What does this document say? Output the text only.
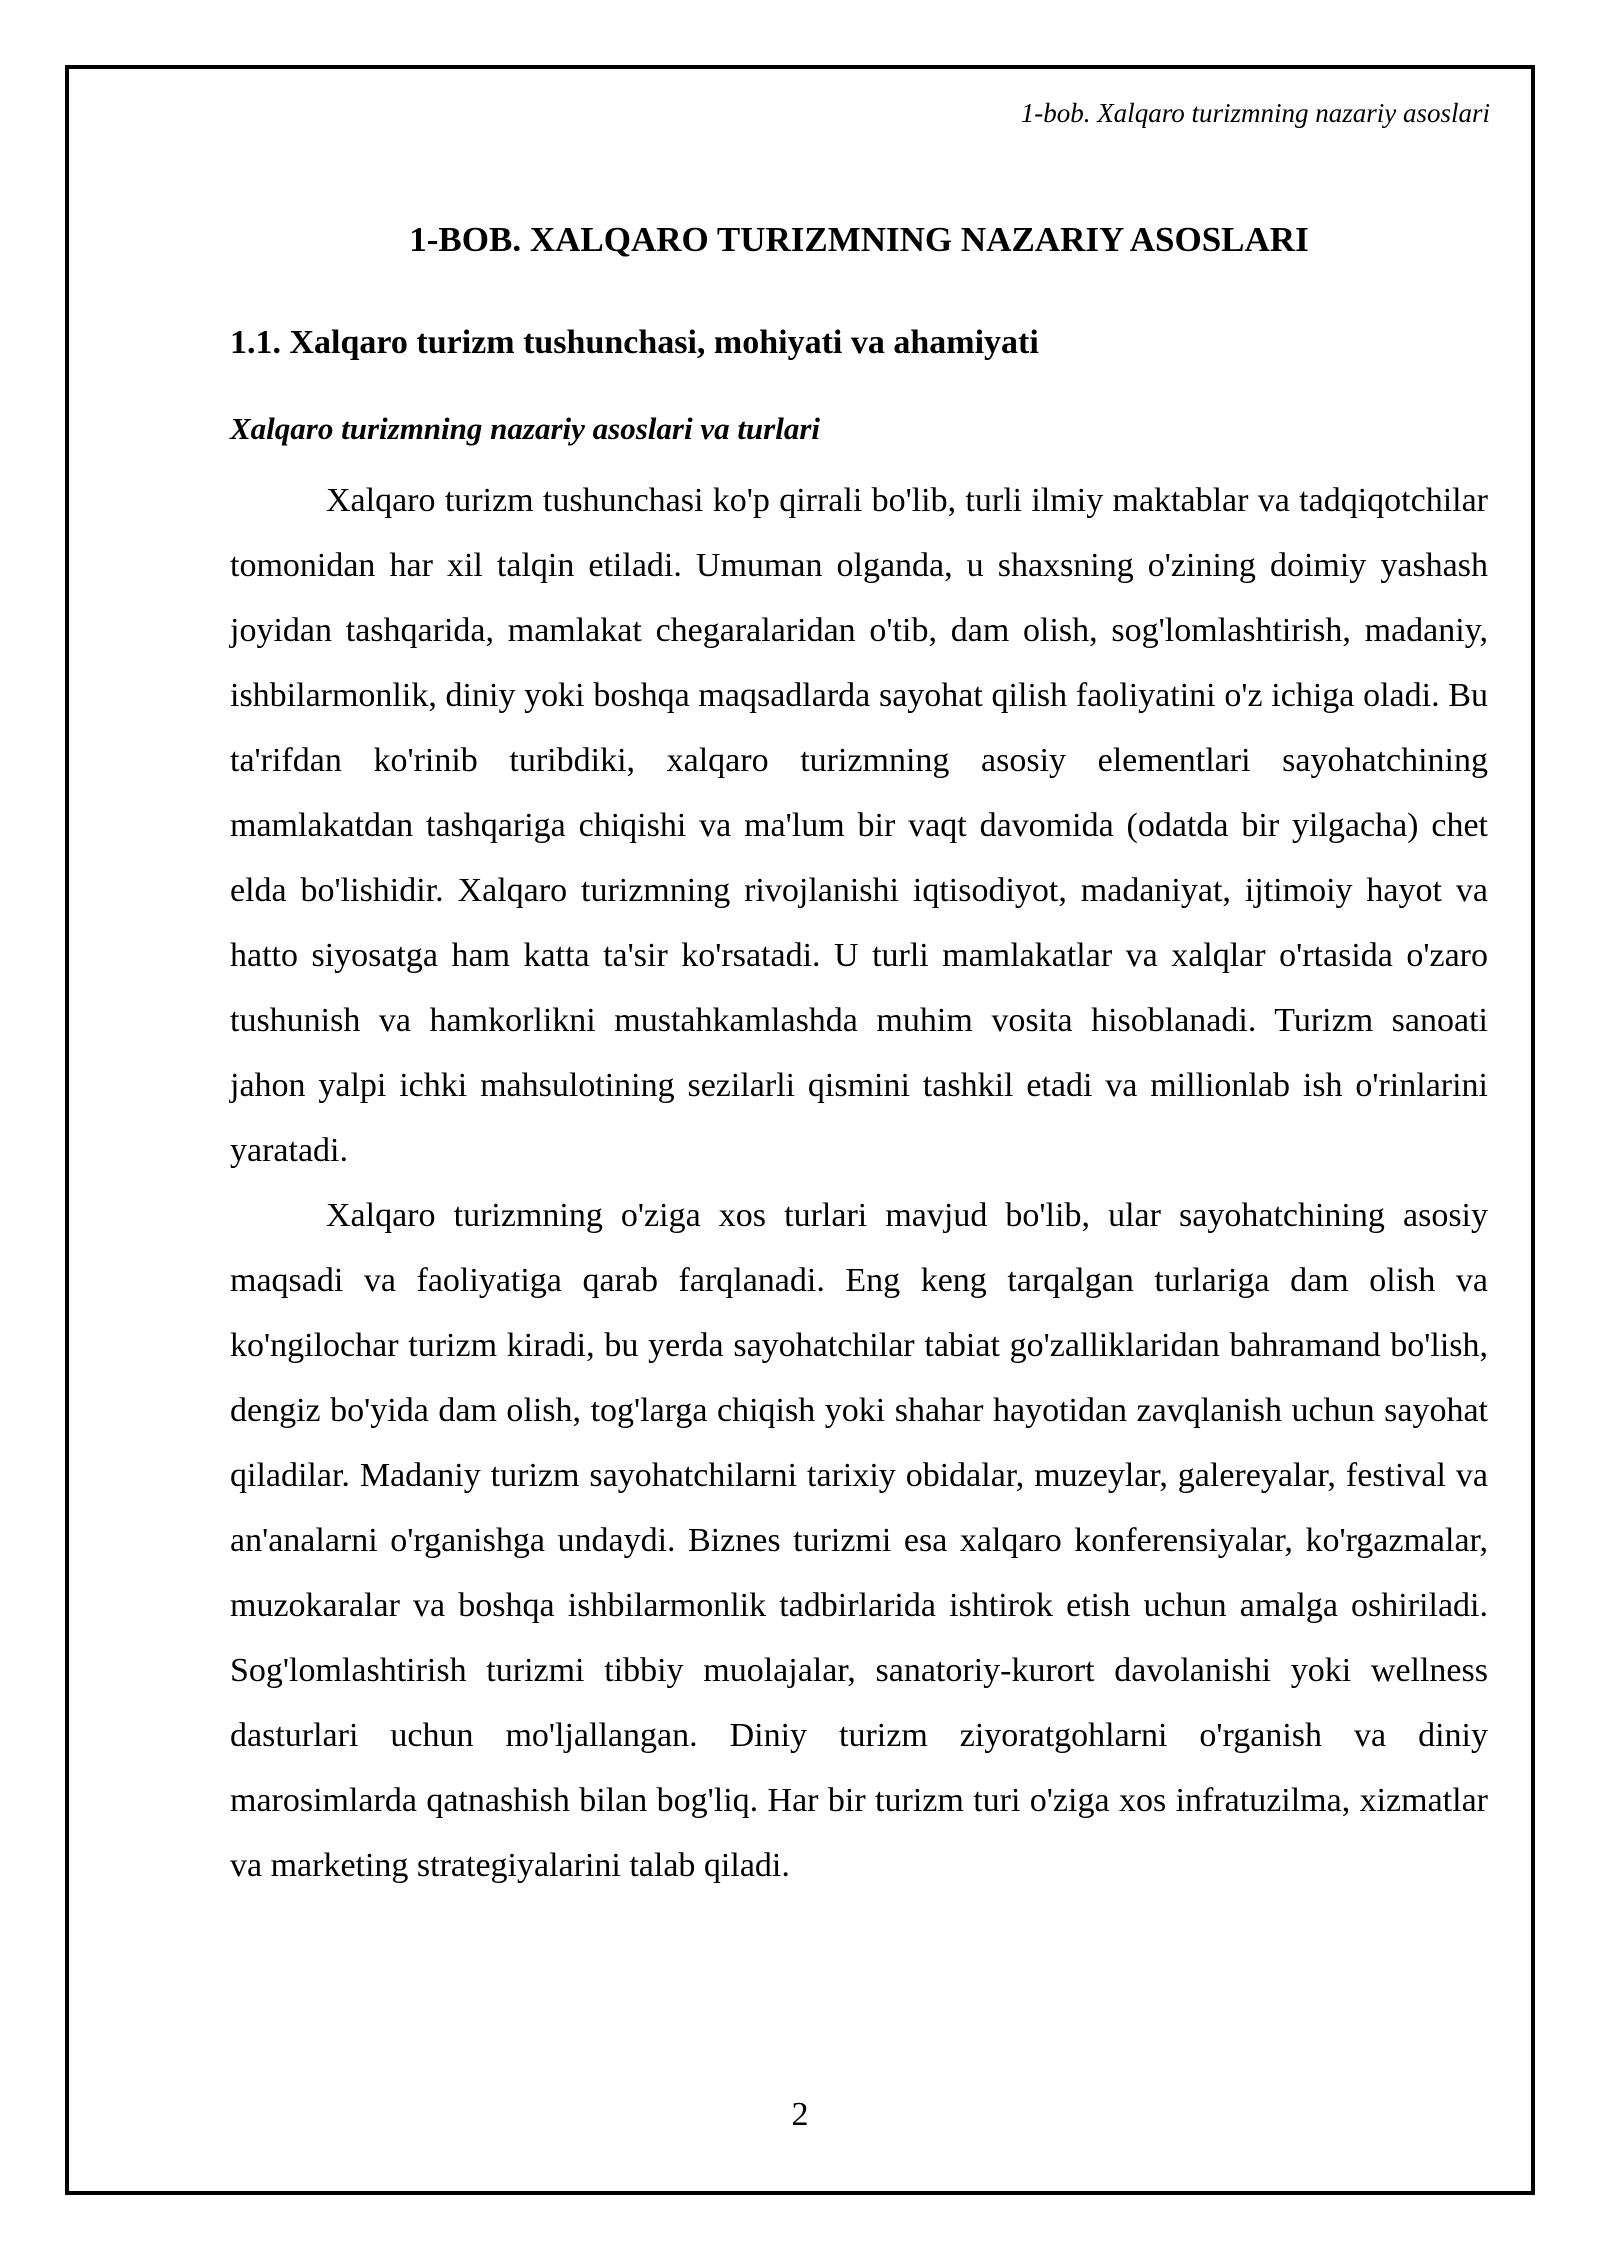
1-bob. Xalqaro turizmning nazariy asoslari
1-BOB. XALQARO TURIZMNING NAZARIY ASOSLARI
1.1. Xalqaro turizm tushunchasi, mohiyati va ahamiyati
Xalqaro turizmning nazariy asoslari va turlari

Xalqaro turizm tushunchasi ko'p qirrali bo'lib, turli ilmiy maktablar va tadqiqotchilar tomonidan har xil talqin etiladi. Umuman olganda, u shaxsning o'zining doimiy yashash joyidan tashqarida, mamlakat chegaralaridan o'tib, dam olish, sog'lomlashtirish, madaniy, ishbilarmonlik, diniy yoki boshqa maqsadlarda sayohat qilish faoliyatini o'z ichiga oladi. Bu ta'rifdan ko'rinib turibdiki, xalqaro turizmning asosiy elementlari sayohatchining mamlakatdan tashqariga chiqishi va ma'lum bir vaqt davomida (odatda bir yilgacha) chet elda bo'lishidir. Xalqaro turizmning rivojlanishi iqtisodiyot, madaniyat, ijtimoiy hayot va hatto siyosatga ham katta ta'sir ko'rsatadi. U turli mamlakatlar va xalqlar o'rtasida o'zaro tushunish va hamkorlikni mustahkamlashda muhim vosita hisoblanadi. Turizm sanoati jahon yalpi ichki mahsulotining sezilarli qismini tashkil etadi va millionlab ish o'rinlarini yaratadi.

Xalqaro turizmning o'ziga xos turlari mavjud bo'lib, ular sayohatchining asosiy maqsadi va faoliyatiga qarab farqlanadi. Eng keng tarqalgan turlariga dam olish va ko'ngilochar turizm kiradi, bu yerda sayohatchilar tabiat go'zalliklaridan bahramand bo'lish, dengiz bo'yida dam olish, tog'larga chiqish yoki shahar hayotidan zavqlanish uchun sayohat qiladilar. Madaniy turizm sayohatchilarni tarixiy obidalar, muzeylar, galereyalar, festival va an'analarni o'rganishga undaydi. Biznes turizmi esa xalqaro konferensiyalar, ko'rgazmalar, muzokaralar va boshqa ishbilarmonlik tadbirlarida ishtirok etish uchun amalga oshiriladi. Sog'lomlashtirish turizmi tibbiy muolajalar, sanatoriy-kurort davolanishi yoki wellness dasturlari uchun mo'ljallangan. Diniy turizm ziyoratgohlarni o'rganish va diniy marosimlarda qatnashish bilan bog'liq. Har bir turizm turi o'ziga xos infratuzilma, xizmatlar va marketing strategiyalarini talab qiladi.

2
